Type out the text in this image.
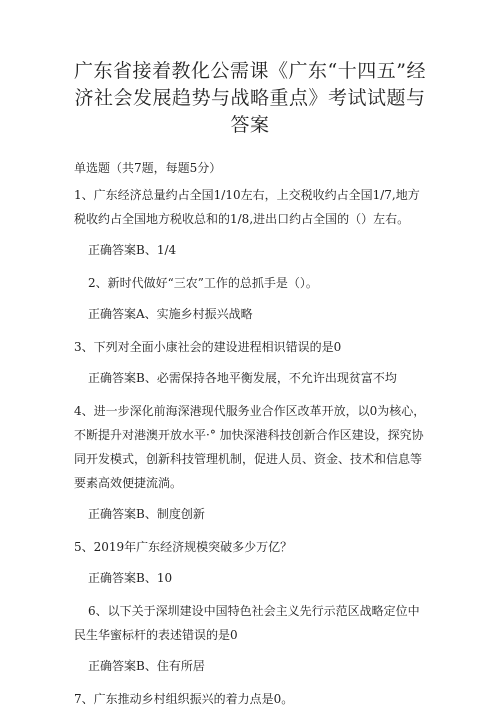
广东省接着教化公需课《广东“十四五”经济社会发展趋势与战略重点》考试试题与答案
单选题（共7题，每题5分）
1、广东经济总量约占全国1/10左右，上交税收约占全国1/7,地方税收约占全国地方税收总和的1/8,进出口约占全国的（）左右。
正确答案B、1/4
2、新时代做好“三农”工作的总抓手是（）。
正确答案A、实施乡村振兴战略
3、下列对全面小康社会的建设进程相识错误的是0
正确答案B、必需保持各地平衡发展，不允许出现贫富不均
4、进一步深化前海深港现代服务业合作区改革开放，以0为核心，不断提升对港澳开放水平·° 加快深港科技创新合作区建设，探究协同开发模式，创新科技管理机制，促进人员、资金、技术和信息等要素高效便捷流淌。
正确答案B、制度创新
5、2019年广东经济规模突破多少万亿？
正确答案B、10
6、以下关于深圳建设中国特色社会主义先行示范区战略定位中民生华蜜标杆的表述错误的是0
正确答案B、住有所居
7、广东推动乡村组织振兴的着力点是0。
